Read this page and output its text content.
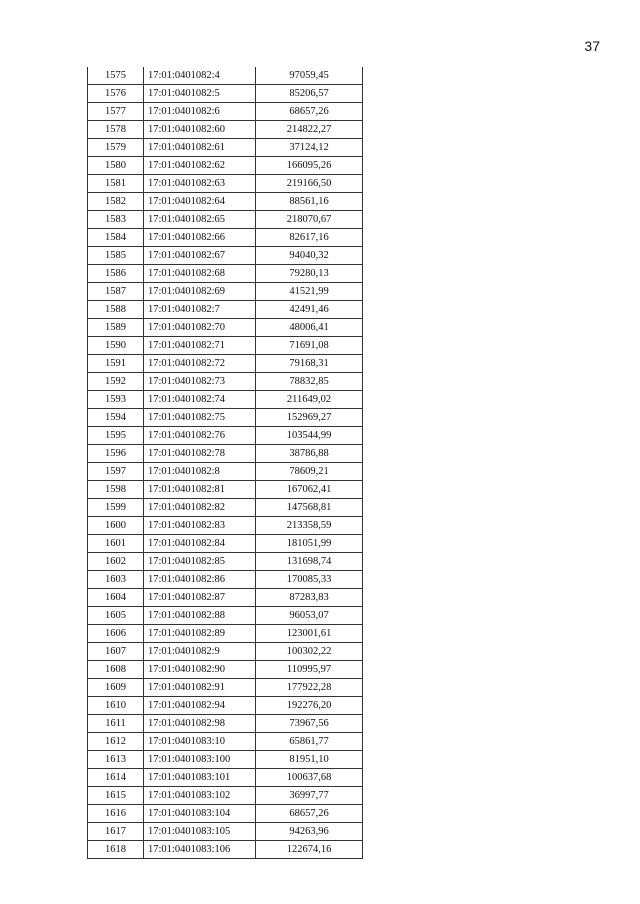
37
1575	17:01:0401082:4	97059,45
1576	17:01:0401082:5	85206,57
1577	17:01:0401082:6	68657,26
1578	17:01:0401082:60	214822,27
1579	17:01:0401082:61	37124,12
1580	17:01:0401082:62	166095,26
1581	17:01:0401082:63	219166,50
1582	17:01:0401082:64	88561,16
1583	17:01:0401082:65	218070,67
1584	17:01:0401082:66	82617,16
1585	17:01:0401082:67	94040,32
1586	17:01:0401082:68	79280,13
1587	17:01:0401082:69	41521,99
1588	17:01:0401082:7	42491,46
1589	17:01:0401082:70	48006,41
1590	17:01:0401082:71	71691,08
1591	17:01:0401082:72	79168,31
1592	17:01:0401082:73	78832,85
1593	17:01:0401082:74	211649,02
1594	17:01:0401082:75	152969,27
1595	17:01:0401082:76	103544,99
1596	17:01:0401082:78	38786,88
1597	17:01:0401082:8	78609,21
1598	17:01:0401082:81	167062,41
1599	17:01:0401082:82	147568,81
1600	17:01:0401082:83	213358,59
1601	17:01:0401082:84	181051,99
1602	17:01:0401082:85	131698,74
1603	17:01:0401082:86	170085,33
1604	17:01:0401082:87	87283,83
1605	17:01:0401082:88	96053,07
1606	17:01:0401082:89	123001,61
1607	17:01:0401082:9	100302,22
1608	17:01:0401082:90	110995,97
1609	17:01:0401082:91	177922,28
1610	17:01:0401082:94	192276,20
1611	17:01:0401082:98	73967,56
1612	17:01:0401083:10	65861,77
1613	17:01:0401083:100	81951,10
1614	17:01:0401083:101	100637,68
1615	17:01:0401083:102	36997,77
1616	17:01:0401083:104	68657,26
1617	17:01:0401083:105	94263,96
1618	17:01:0401083:106	122674,16
